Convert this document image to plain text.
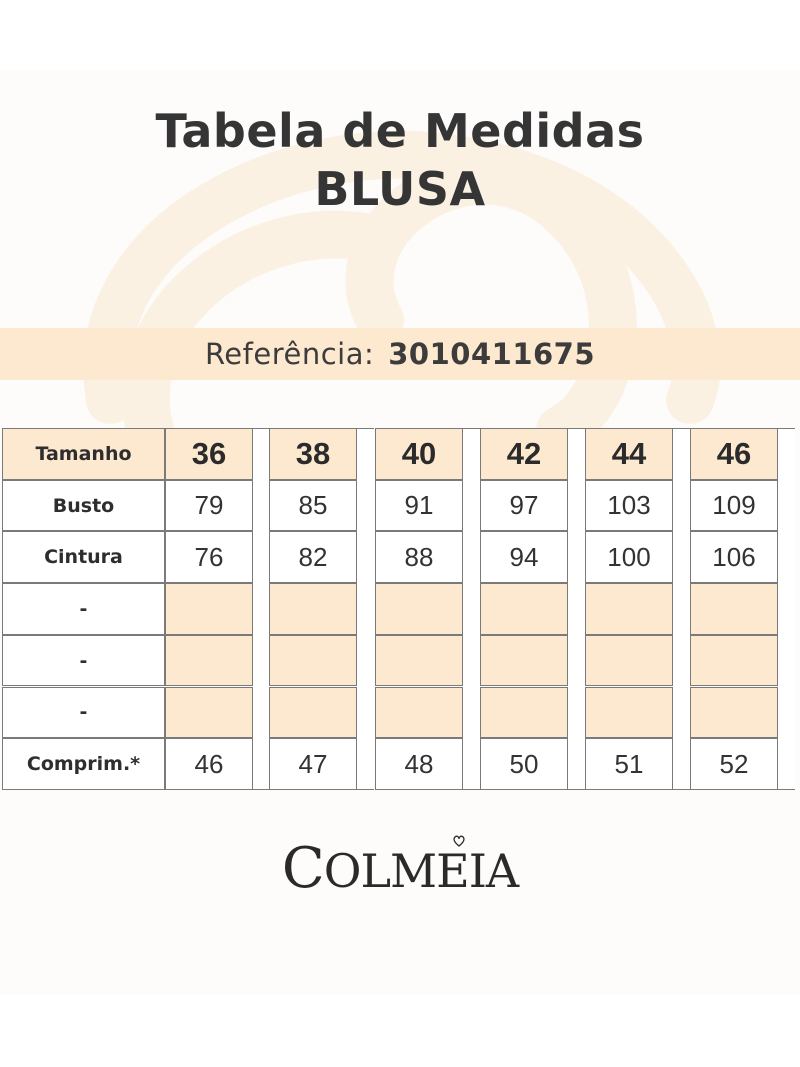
Tabela de Medidas
BLUSA
Referência: 3010411675
Tamanho	36	38	40	42	44	46
Busto	79	85	91	97	103	109
Cintura	76	82	88	94	100	106
-
-
-
Comprim.*	46	47	48	50	51	52
COLMEIA
